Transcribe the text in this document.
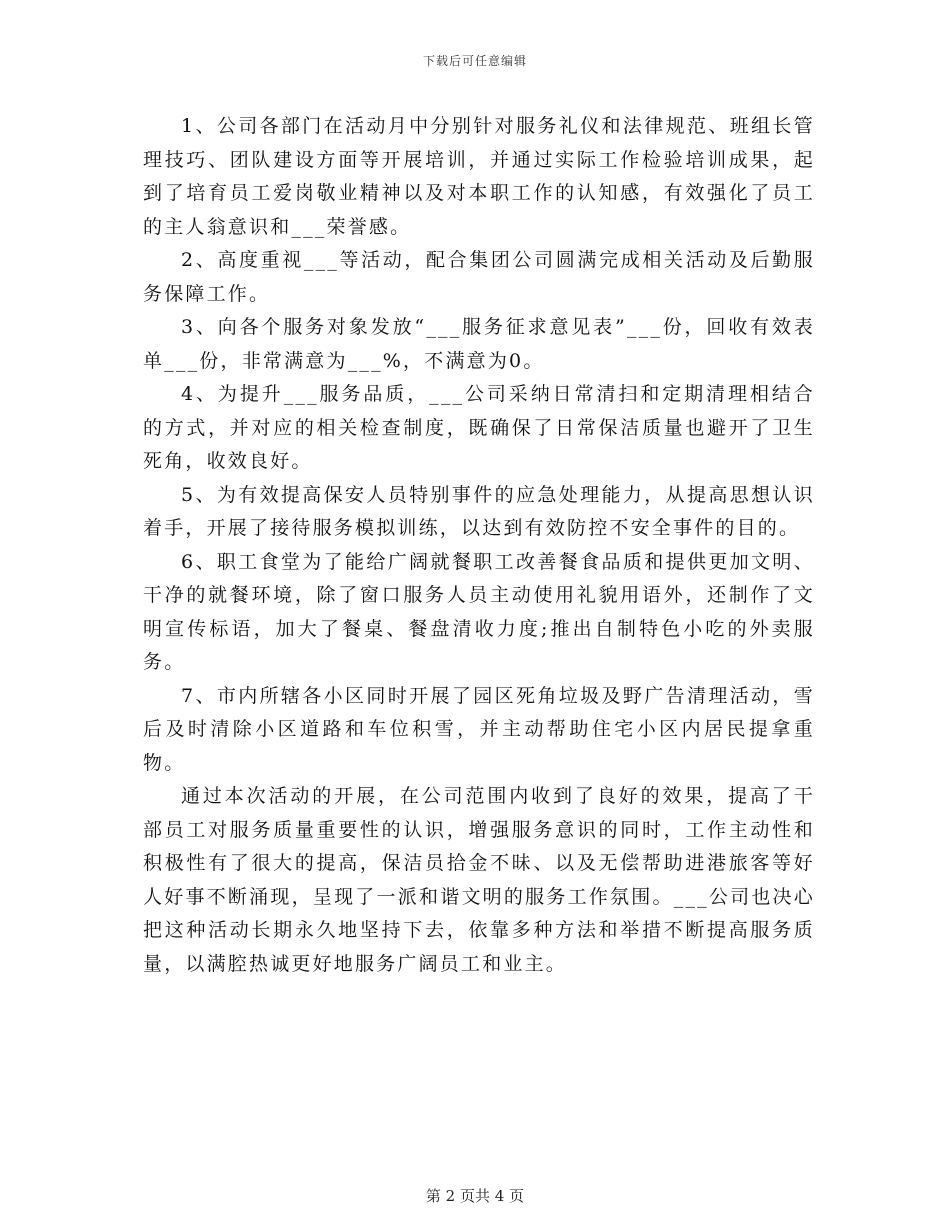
下载后可任意编辑

1、公司各部门在活动月中分别针对服务礼仪和法律规范、班组长管理技巧、团队建设方面等开展培训，并通过实际工作检验培训成果，起到了培育员工爱岗敬业精神以及对本职工作的认知感，有效强化了员工的主人翁意识和___荣誉感。

2、高度重视___等活动，配合集团公司圆满完成相关活动及后勤服务保障工作。

3、向各个服务对象发放“___服务征求意见表”___份，回收有效表单___份，非常满意为___%，不满意为0。

4、为提升___服务品质，___公司采纳日常清扫和定期清理相结合的方式，并对应的相关检查制度，既确保了日常保洁质量也避开了卫生死角，收效良好。

5、为有效提高保安人员特别事件的应急处理能力，从提高思想认识着手，开展了接待服务模拟训练，以达到有效防控不安全事件的目的。

6、职工食堂为了能给广阔就餐职工改善餐食品质和提供更加文明、干净的就餐环境，除了窗口服务人员主动使用礼貌用语外，还制作了文明宣传标语，加大了餐桌、餐盘清收力度;推出自制特色小吃的外卖服务。

7、市内所辖各小区同时开展了园区死角垃圾及野广告清理活动，雪后及时清除小区道路和车位积雪，并主动帮助住宅小区内居民提拿重物。

通过本次活动的开展，在公司范围内收到了良好的效果，提高了干部员工对服务质量重要性的认识，增强服务意识的同时，工作主动性和积极性有了很大的提高，保洁员拾金不昧、以及无偿帮助进港旅客等好人好事不断涌现，呈现了一派和谐文明的服务工作氛围。___公司也决心把这种活动长期永久地坚持下去，依靠多种方法和举措不断提高服务质量，以满腔热诚更好地服务广阔员工和业主。

第 2 页共 4 页
